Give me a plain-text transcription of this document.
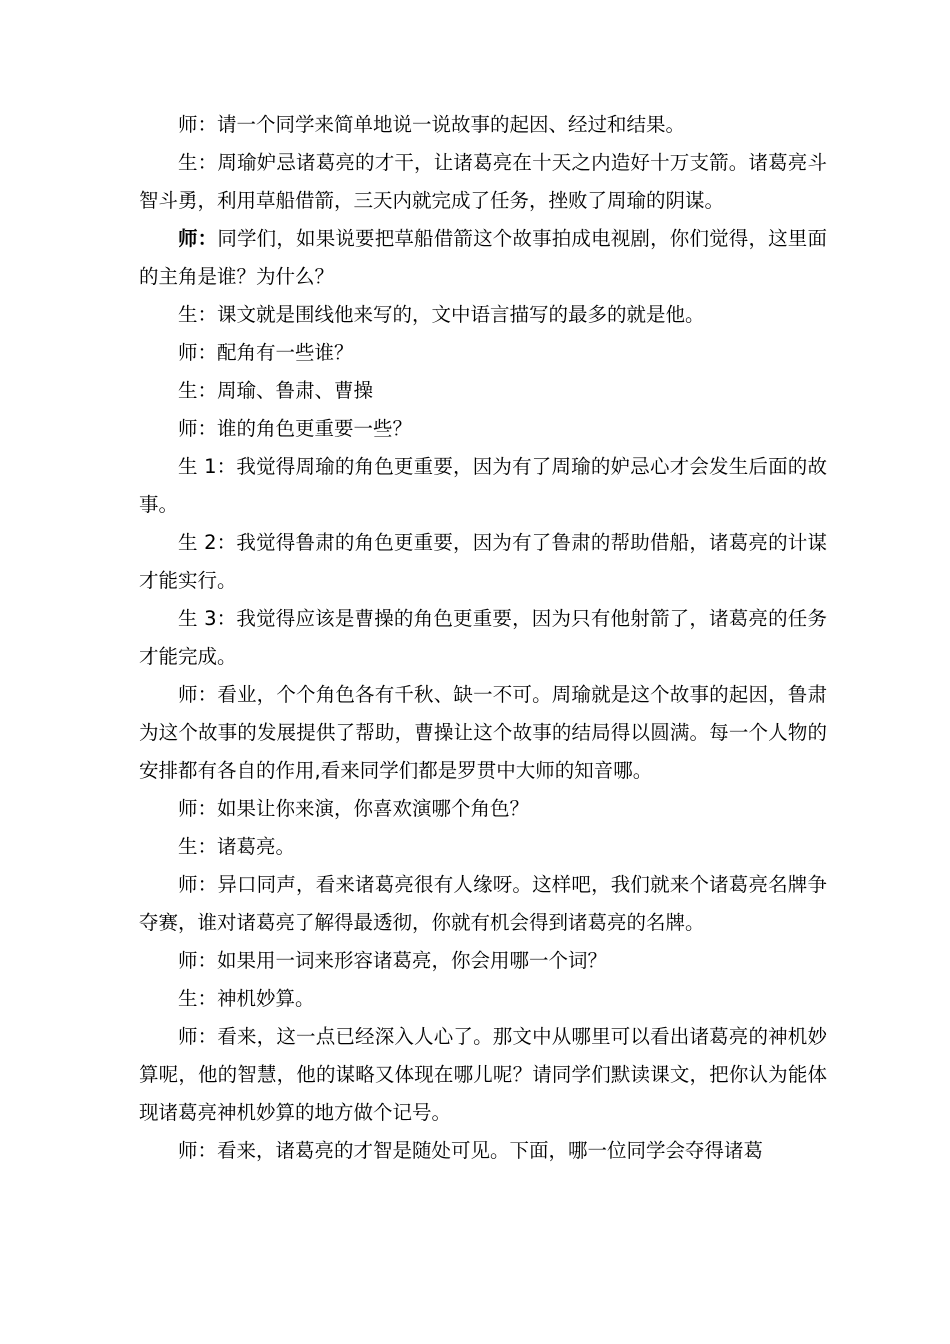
师：请一个同学来简单地说一说故事的起因、经过和结果。

生：周瑜妒忌诸葛亮的才干，让诸葛亮在十天之内造好十万支箭。诸葛亮斗智斗勇，利用草船借箭，三天内就完成了任务，挫败了周瑜的阴谋。

师：同学们，如果说要把草船借箭这个故事拍成电视剧，你们觉得，这里面的主角是谁？为什么？

生：课文就是围线他来写的，文中语言描写的最多的就是他。

师：配角有一些谁？

生：周瑜、鲁肃、曹操

师：谁的角色更重要一些？

生 1：我觉得周瑜的角色更重要，因为有了周瑜的妒忌心才会发生后面的故事。

生 2：我觉得鲁肃的角色更重要，因为有了鲁肃的帮助借船，诸葛亮的计谋才能实行。

生 3：我觉得应该是曹操的角色更重要，因为只有他射箭了，诸葛亮的任务才能完成。

师：看业，个个角色各有千秋、缺一不可。周瑜就是这个故事的起因，鲁肃为这个故事的发展提供了帮助，曹操让这个故事的结局得以圆满。每一个人物的安排都有各自的作用,看来同学们都是罗贯中大师的知音哪。

师：如果让你来演，你喜欢演哪个角色？

生：诸葛亮。

师：异口同声，看来诸葛亮很有人缘呀。这样吧，我们就来个诸葛亮名牌争夺赛，谁对诸葛亮了解得最透彻，你就有机会得到诸葛亮的名牌。

师：如果用一词来形容诸葛亮，你会用哪一个词？

生：神机妙算。

师：看来，这一点已经深入人心了。那文中从哪里可以看出诸葛亮的神机妙算呢，他的智慧，他的谋略又体现在哪儿呢？请同学们默读课文，把你认为能体现诸葛亮神机妙算的地方做个记号。

师：看来，诸葛亮的才智是随处可见。下面，哪一位同学会夺得诸葛
